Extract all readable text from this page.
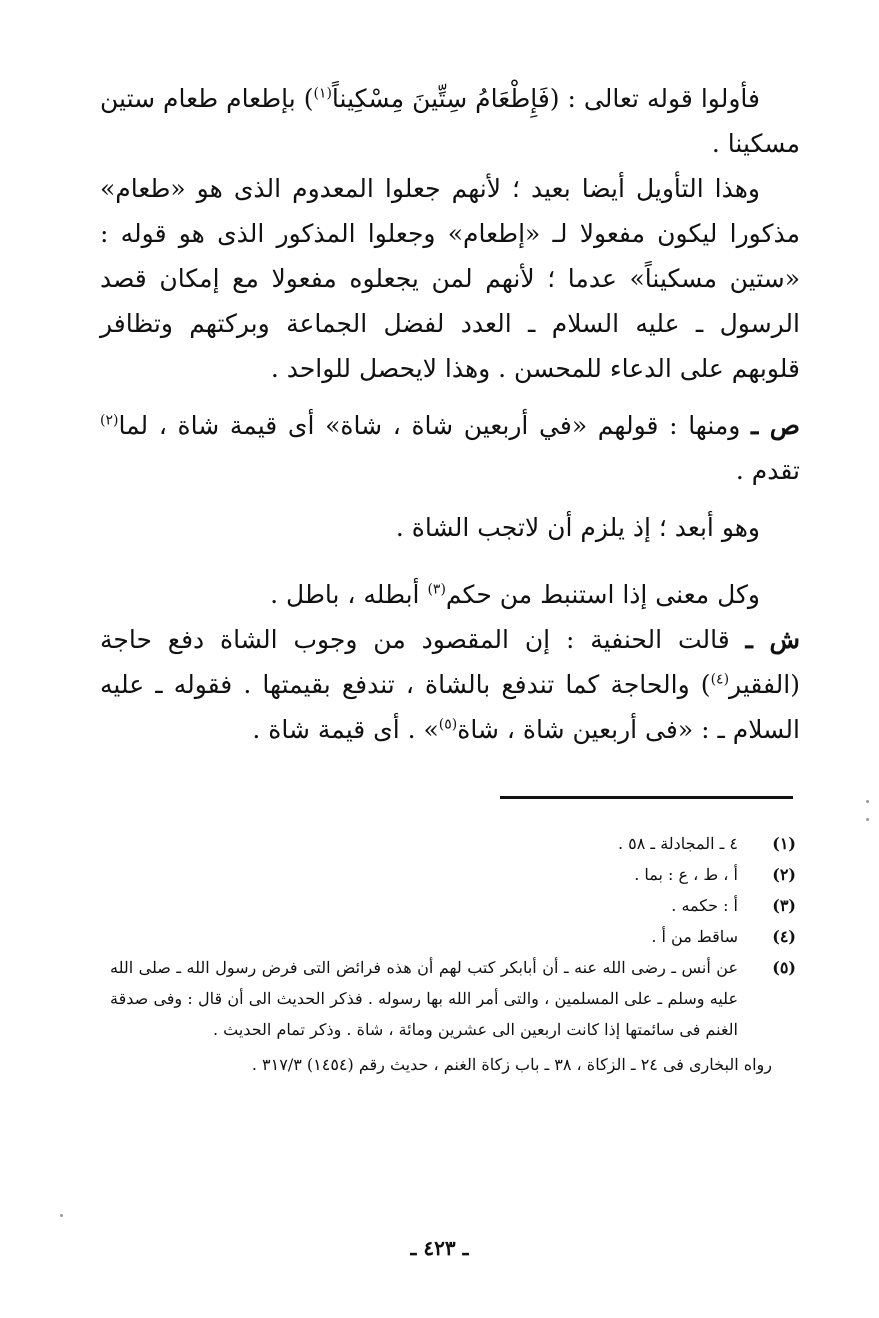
فأولوا قوله تعالى : (فَإِطْعَامُ سِتِّينَ مِسْكِيناً$^{(١)}$) بإطعام طعام ستين مسكينا .

وهذا التأويل أيضا بعيد ؛ لأنهم جعلوا المعدوم الذى هو «طعام» مذكورا ليكون مفعولا لـ «إطعام» وجعلوا المذكور الذى هو قوله : «ستين مسكيناً» عدما ؛ لأنهم لمن يجعلوه مفعولا مع إمكان قصد الرسول ـ عليه السلام ـ العدد لفضل الجماعة وبركتهم وتظافر قلوبهم على الدعاء للمحسن . وهذا لايحصل للواحد .

ص ـ ومنها : قولهم «في أربعين شاة ، شاة» أى قيمة شاة ، لما$^{(٢)}$ تقدم .

وهو أبعد ؛ إذ يلزم أن لاتجب الشاة .

وكل معنى إذا استنبط من حكم$^{(٣)}$ أبطله ، باطل .

ش ـ قالت الحنفية : إن المقصود من وجوب الشاة دفع حاجة (الفقير$^{(٤)}$) والحاجة كما تندفع بالشاة ، تندفع بقيمتها . فقوله ـ عليه السلام ـ : «فى أربعين شاة ، شاة$^{(٥)}$» . أى قيمة شاة .

(١)
٤ ـ المجادلة ـ ٥٨ .
(٢)
أ ، ط ، ع : بما .
(٣)
أ : حكمه .
(٤)
ساقط من أ .
(٥)
عن أنس ـ رضى الله عنه ـ أن أبابكر كتب لهم أن هذه فرائض التى فرض رسول الله ـ صلى الله عليه وسلم ـ على المسلمين ، والتى أمر الله بها رسوله . فذكر الحديث الى أن قال : وفى صدقة الغنم فى سائمتها إذا كانت اربعين الى عشرين ومائة ، شاة . وذكر تمام الحديث .
رواه البخارى فى ٢٤ ـ الزكاة ، ٣٨ ـ باب زكاة الغنم ، حديث رقم (١٤٥٤) ٣١٧/٣ .
ـ ٤٢٣ ـ
